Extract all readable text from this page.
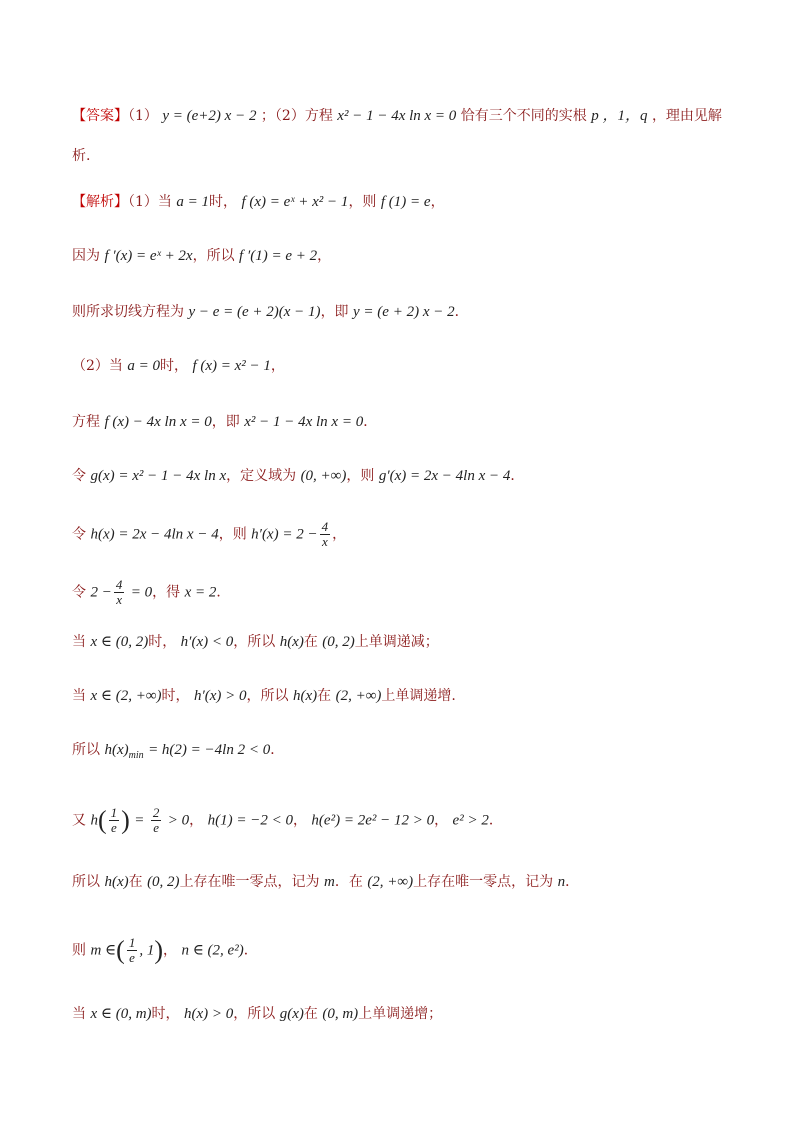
【答案】（1） y = (e+2) x − 2 ；（2）方程 x² − 1 − 4x ln x = 0 恰有三个不同的实根 p ，1，q ，理由见解
析.
【解析】（1）当 a = 1时， f (x) = eˣ + x² − 1，则 f (1) = e，
因为 f ′(x) = eˣ + 2x，所以 f ′(1) = e + 2，
则所求切线方程为 y − e = (e + 2)(x − 1)，即 y = (e + 2) x − 2．
（2）当 a = 0时， f (x) = x² − 1，
方程 f (x) − 4x ln x = 0，即 x² − 1 − 4x ln x = 0．
令 g(x) = x² − 1 − 4x ln x，定义域为 (0, +∞)，则 g′(x) = 2x − 4ln x − 4．
令 h(x) = 2x − 4ln x − 4，则 $h'(x) = 2 - \frac{4}{x}$ ，
令 $2 - \frac{4}{x} = 0$，得 x = 2．
当 x ∈ (0, 2)时， h′(x) < 0，所以 h(x)在 (0, 2)上单调递减；
当 x ∈ (2, +∞)时， h′(x) > 0，所以 h(x)在 (2, +∞)上单调递增.
所以 $h(x)_{min} = h(2) = -4\ln$ 2 < 0．
又 $h( \frac{1}{e}$ ) = $\frac{2}{e} > 0$， h(1) = −2 < 0， h(e²) = 2e² − 12 > 0， e² > 2．
所以 h(x)在 (0, 2)上存在唯一零点，记为 m．在 (2, +∞)上存在唯一零点，记为 n．
则 m ∈( $\frac{1}{e}$ , 1)， n ∈ (2, e²)．
当 x ∈ (0, m)时， h(x) > 0，所以 g(x)在 (0, m)上单调递增；
